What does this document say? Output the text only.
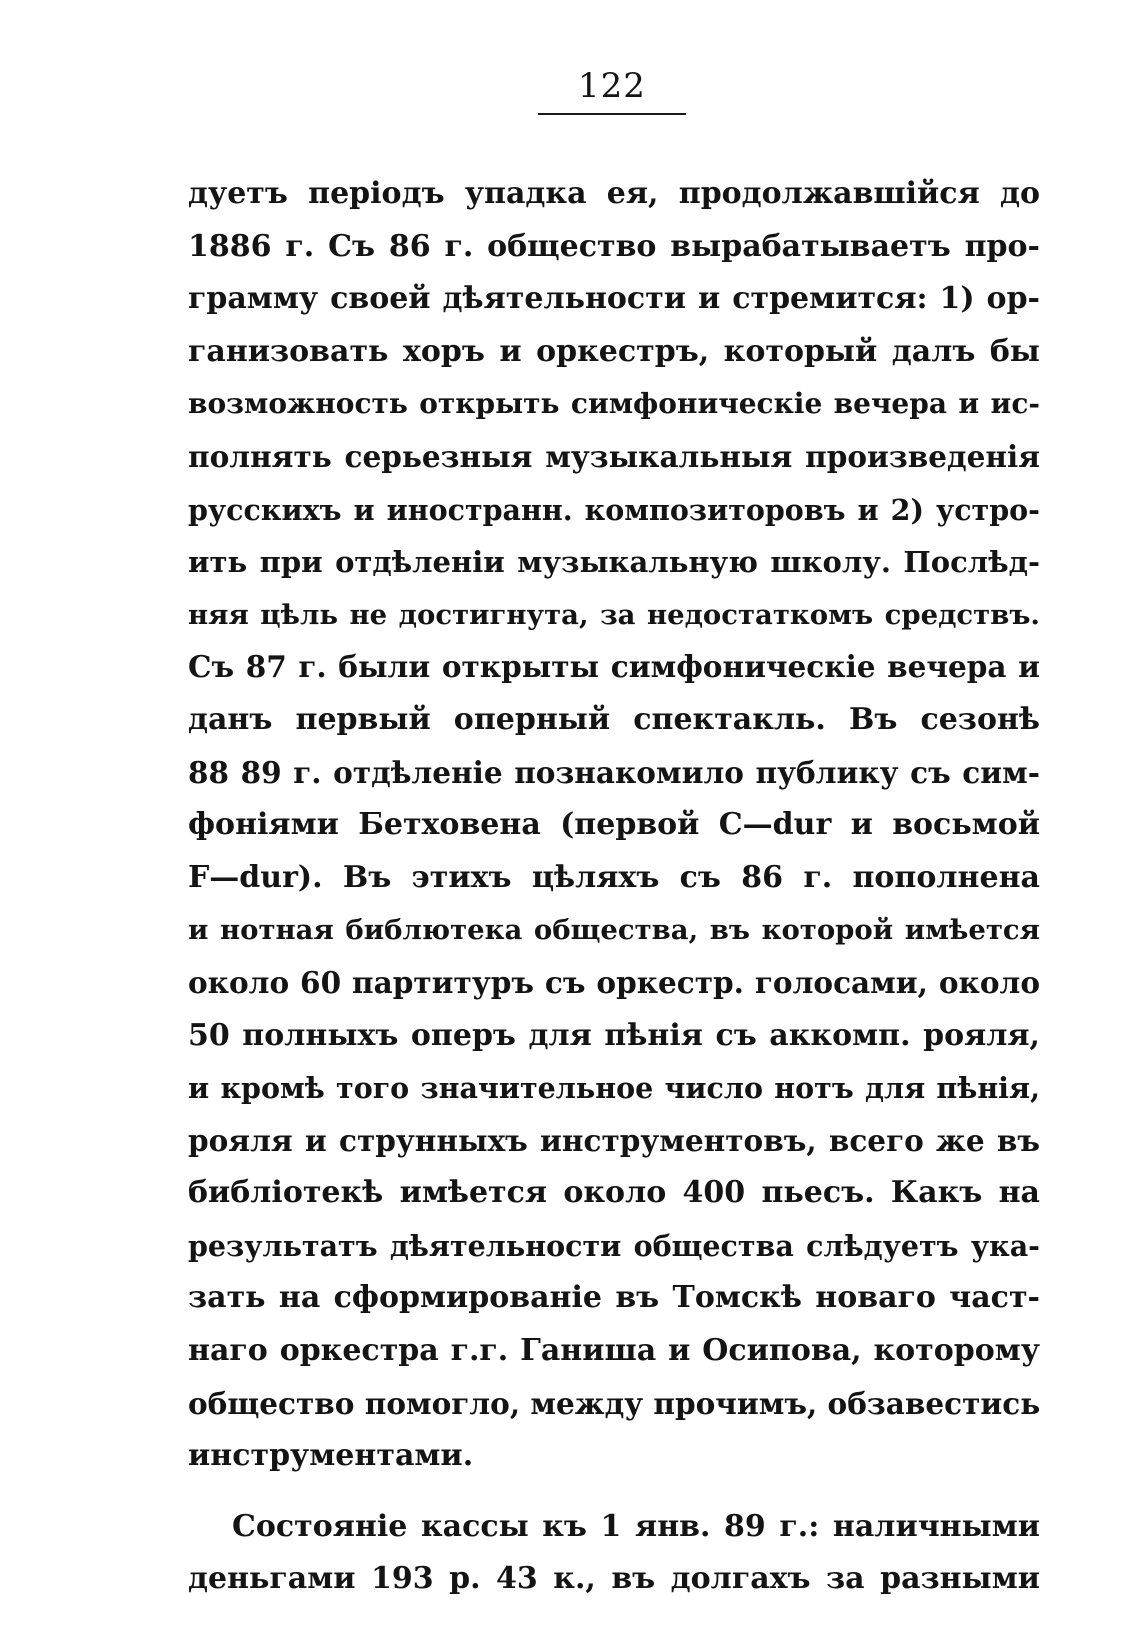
122
дуетъ періодъ упадка ея, продолжавшійся до
1886 г. Съ 86 г. общество вырабатываетъ про-
грамму своей дѣятельности и стремится: 1) ор-
ганизовать хоръ и оркестръ, который далъ бы
возможность открыть симфоническіе вечера и ис-
полнять серьезныя музыкальныя произведенія
русскихъ и иностранн. композиторовъ и 2) устро-
ить при отдѣленіи музыкальную школу. Послѣд-
няя цѣль не достигнута, за недостаткомъ средствъ.
Съ 87 г. были открыты симфоническіе вечера и
данъ первый оперный спектакль. Въ сезонѣ
88 89 г. отдѣленіе познакомило публику съ сим-
фоніями Бетховена (первой C—dur и восьмой
F—dur). Въ этихъ цѣляхъ съ 86 г. пополнена
и нотная библютека общества, въ которой имѣется
около 60 партитуръ съ оркестр. голосами, около
50 полныхъ оперъ для пѣнія съ аккомп. рояля,
и кромѣ того значительное число нотъ для пѣнія,
рояля и струнныхъ инструментовъ, всего же въ
библіотекѣ имѣется около 400 пьесъ. Какъ на
результатъ дѣятельности общества слѣдуетъ ука-
зать на сформированіе въ Томскѣ новаго част-
наго оркестра г.г. Ганиша и Осипова, которому
общество помогло, между прочимъ, обзавестись
инструментами.
Состояніе кассы къ 1 янв. 89 г.: наличными
деньгами 193 р. 43 к., въ долгахъ за разными
